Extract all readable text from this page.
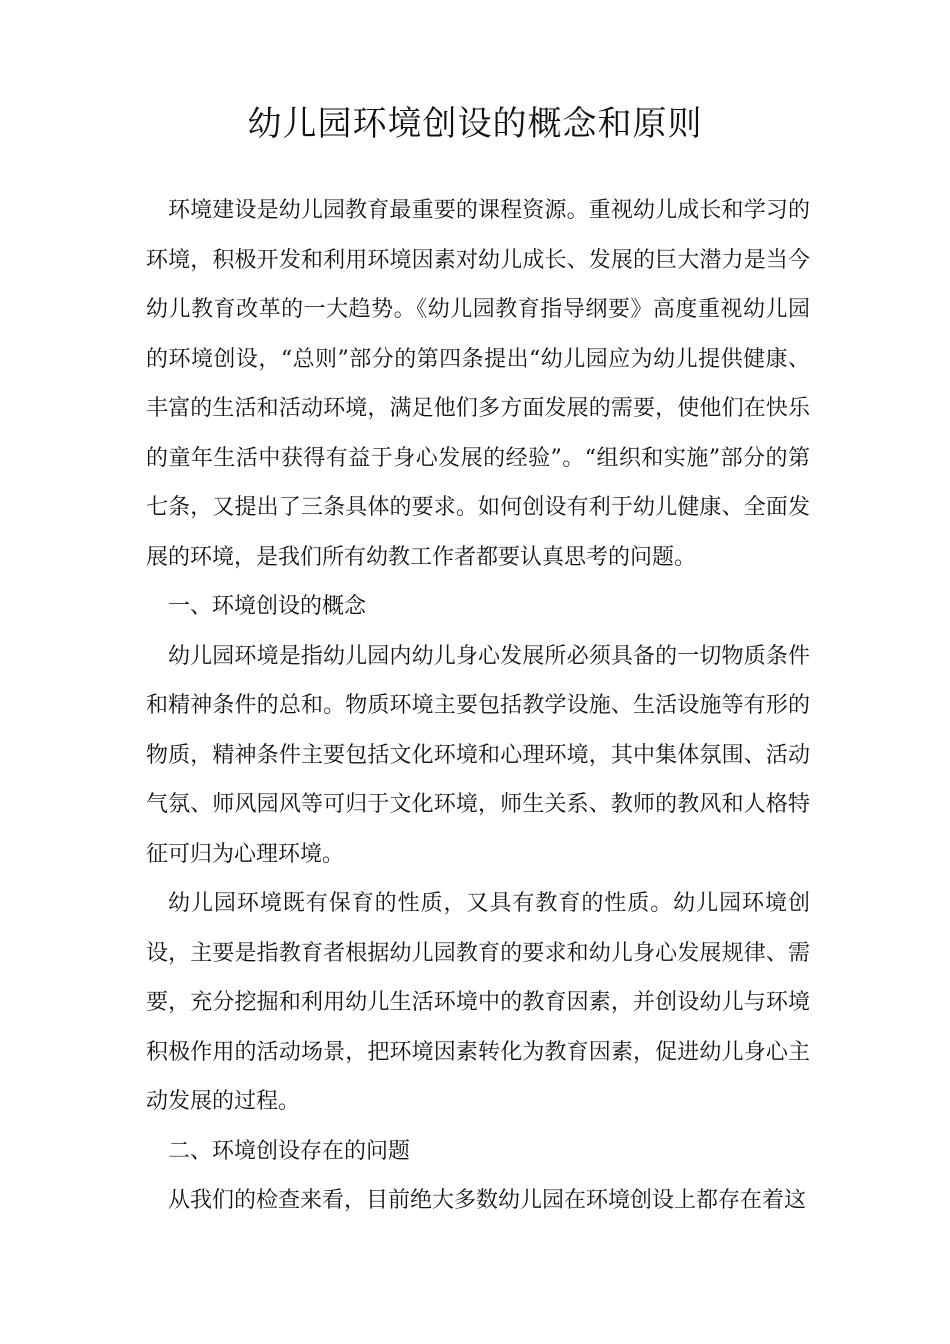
幼儿园环境创设的概念和原则

环境建设是幼儿园教育最重要的课程资源。重视幼儿成长和学习的环境，积极开发和利用环境因素对幼儿成长、发展的巨大潜力是当今幼儿教育改革的一大趋势。《幼儿园教育指导纲要》高度重视幼儿园的环境创设，“总则”部分的第四条提出“幼儿园应为幼儿提供健康、丰富的生活和活动环境，满足他们多方面发展的需要，使他们在快乐的童年生活中获得有益于身心发展的经验”。“组织和实施”部分的第七条，又提出了三条具体的要求。如何创设有利于幼儿健康、全面发展的环境，是我们所有幼教工作者都要认真思考的问题。

一、环境创设的概念

幼儿园环境是指幼儿园内幼儿身心发展所必须具备的一切物质条件和精神条件的总和。物质环境主要包括教学设施、生活设施等有形的物质，精神条件主要包括文化环境和心理环境，其中集体氛围、活动气氛、师风园风等可归于文化环境，师生关系、教师的教风和人格特征可归为心理环境。

幼儿园环境既有保育的性质，又具有教育的性质。幼儿园环境创设，主要是指教育者根据幼儿园教育的要求和幼儿身心发展规律、需要，充分挖掘和利用幼儿生活环境中的教育因素，并创设幼儿与环境积极作用的活动场景，把环境因素转化为教育因素，促进幼儿身心主动发展的过程。

二、环境创设存在的问题

从我们的检查来看，目前绝大多数幼儿园在环境创设上都存在着这
